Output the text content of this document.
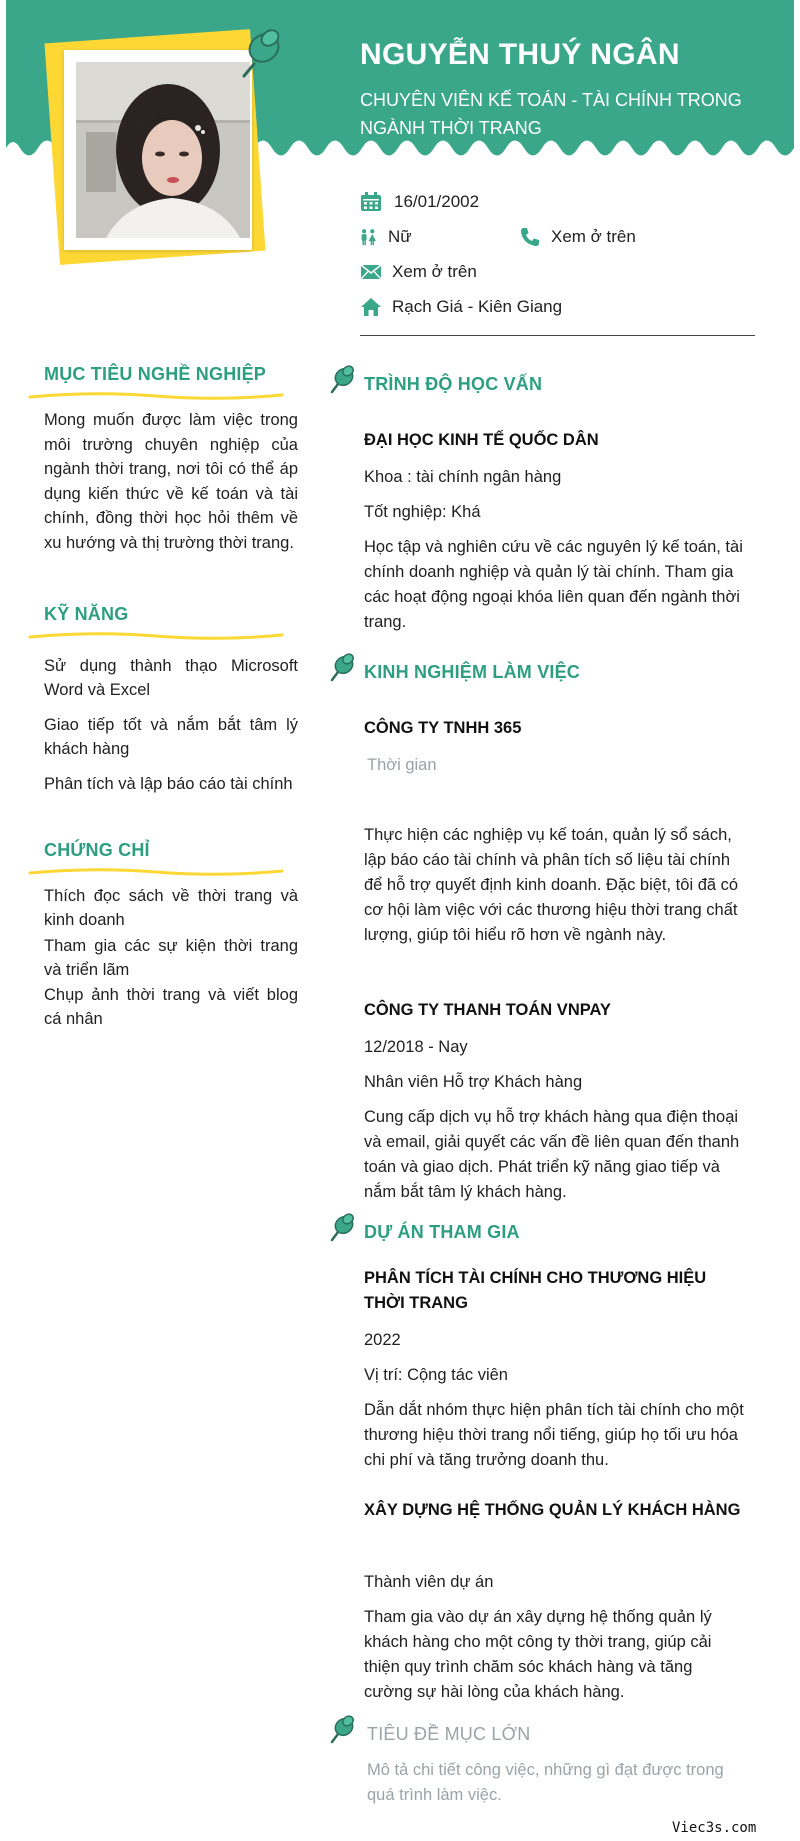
NGUYỄN THUÝ NGÂN
CHUYÊN VIÊN KẾ TOÁN - TÀI CHÍNH TRONG NGÀNH THỜI TRANG
16/01/2002
Nữ	Xem ở trên
Xem ở trên
Rạch Giá - Kiên Giang
MỤC TIÊU NGHỀ NGHIỆP
Mong muốn được làm việc trong môi trường chuyên nghiệp của ngành thời trang, nơi tôi có thể áp dụng kiến thức về kế toán và tài chính, đồng thời học hỏi thêm về xu hướng và thị trường thời trang.
KỸ NĂNG
Sử dụng thành thạo Microsoft Word và Excel
Giao tiếp tốt và nắm bắt tâm lý khách hàng
Phân tích và lập báo cáo tài chính
CHỨNG CHỈ
Thích đọc sách về thời trang và kinh doanh
Tham gia các sự kiện thời trang và triển lãm
Chụp ảnh thời trang và viết blog cá nhân
TRÌNH ĐỘ HỌC VẤN
ĐẠI HỌC KINH TẾ QUỐC DÂN
Khoa : tài chính ngân hàng
Tốt nghiệp: Khá
Học tập và nghiên cứu về các nguyên lý kế toán, tài chính doanh nghiệp và quản lý tài chính. Tham gia các hoạt động ngoại khóa liên quan đến ngành thời trang.
KINH NGHIỆM LÀM VIỆC
CÔNG TY TNHH 365
Thời gian
Thực hiện các nghiệp vụ kế toán, quản lý sổ sách, lập báo cáo tài chính và phân tích số liệu tài chính để hỗ trợ quyết định kinh doanh. Đặc biệt, tôi đã có cơ hội làm việc với các thương hiệu thời trang chất lượng, giúp tôi hiểu rõ hơn về ngành này.
CÔNG TY THANH TOÁN VNPAY
12/2018 - Nay
Nhân viên Hỗ trợ Khách hàng
Cung cấp dịch vụ hỗ trợ khách hàng qua điện thoại và email, giải quyết các vấn đề liên quan đến thanh toán và giao dịch. Phát triển kỹ năng giao tiếp và nắm bắt tâm lý khách hàng.
DỰ ÁN THAM GIA
PHÂN TÍCH TÀI CHÍNH CHO THƯƠNG HIỆU THỜI TRANG
2022
Vị trí: Cộng tác viên
Dẫn dắt nhóm thực hiện phân tích tài chính cho một thương hiệu thời trang nổi tiếng, giúp họ tối ưu hóa chi phí và tăng trưởng doanh thu.
XÂY DỰNG HỆ THỐNG QUẢN LÝ KHÁCH HÀNG
Thành viên dự án
Tham gia vào dự án xây dựng hệ thống quản lý khách hàng cho một công ty thời trang, giúp cải thiện quy trình chăm sóc khách hàng và tăng cường sự hài lòng của khách hàng.
TIÊU ĐỀ MỤC LỚN
Mô tả chi tiết công việc, những gì đạt được trong quá trình làm việc.
Viec3s.com
